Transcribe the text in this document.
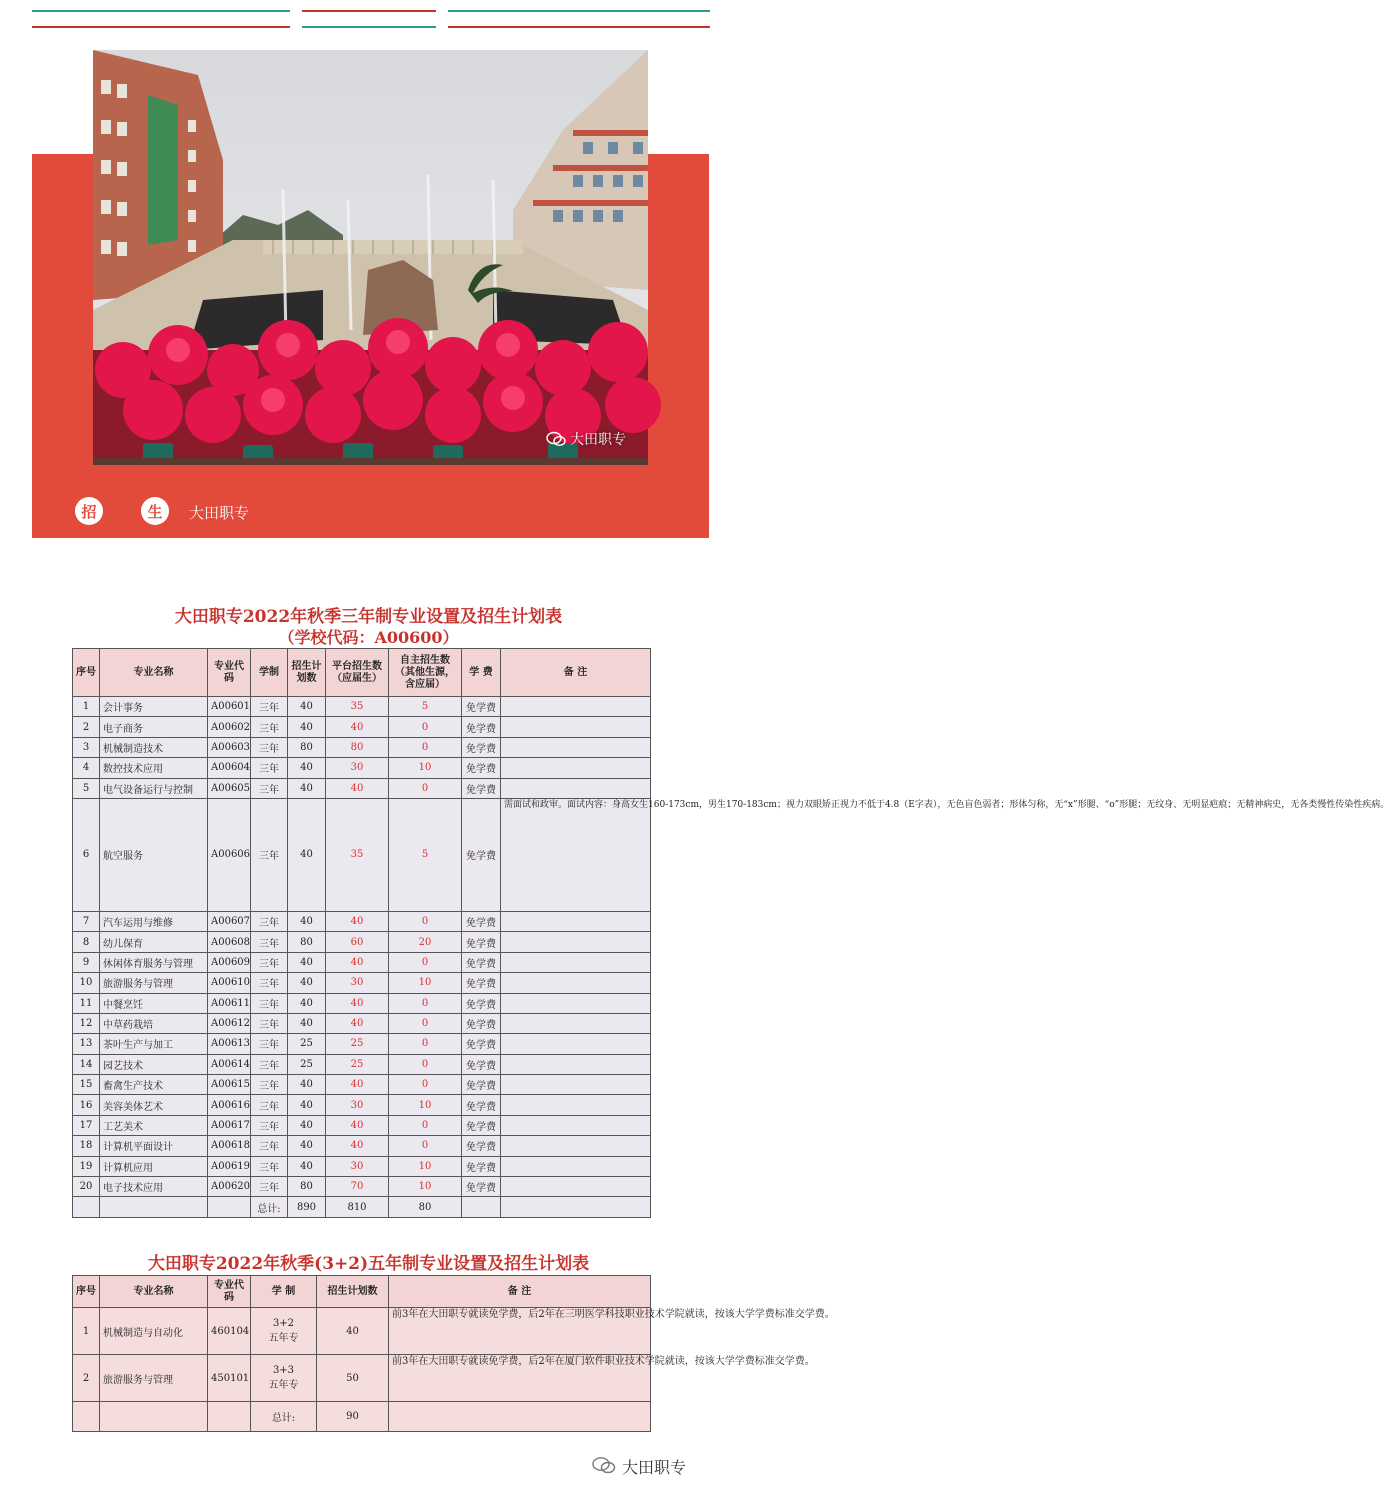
大田职专
招	生	大田职专
大田职专2022年秋季三年制专业设置及招生计划表
（学校代码：A00600）
序号	专业名称	专业代码	学制	招生计划数	平台招生数（应届生）	自主招生数（其他生源，含应届）	学 费	备 注
1	会计事务	A00601	三年	40	35	5	免学费	
2	电子商务	A00602	三年	40	40	0	免学费	
3	机械制造技术	A00603	三年	80	80	0	免学费	
4	数控技术应用	A00604	三年	40	30	10	免学费	
5	电气设备运行与控制	A00605	三年	40	40	0	免学费	
6	航空服务	A00606	三年	40	35	5	免学费	需面试和政审。面试内容：身高女生160-173cm，男生170-183cm；视力双眼矫正视力不低于4.8（E字表），无色盲色弱者；形体匀称，无“x”形腿、“o”形腿；无纹身、无明显疤痕；无精神病史，无各类慢性传染性疾病。
7	汽车运用与维修	A00607	三年	40	40	0	免学费	
8	幼儿保育	A00608	三年	80	60	20	免学费	
9	休闲体育服务与管理	A00609	三年	40	40	0	免学费	
10	旅游服务与管理	A00610	三年	40	30	10	免学费	
11	中餐烹饪	A00611	三年	40	40	0	免学费	
12	中草药栽培	A00612	三年	40	40	0	免学费	
13	茶叶生产与加工	A00613	三年	25	25	0	免学费	
14	园艺技术	A00614	三年	25	25	0	免学费	
15	畜禽生产技术	A00615	三年	40	40	0	免学费	
16	美容美体艺术	A00616	三年	40	30	10	免学费	
17	工艺美术	A00617	三年	40	40	0	免学费	
18	计算机平面设计	A00618	三年	40	40	0	免学费	
19	计算机应用	A00619	三年	40	30	10	免学费	
20	电子技术应用	A00620	三年	80	70	10	免学费	
			总计:	890	810	80		
大田职专2022年秋季(3+2)五年制专业设置及招生计划表
序号	专业名称	专业代码	学 制	招生计划数	备 注
1	机械制造与自动化	460104	3+2
五年专	40	前3年在大田职专就读免学费，后2年在三明医学科技职业技术学院就读，按该大学学费标准交学费。
2	旅游服务与管理	450101	3+3
五年专	50	前3年在大田职专就读免学费，后2年在厦门软件职业技术学院就读，按该大学学费标准交学费。
			总计:	90	
大田职专
